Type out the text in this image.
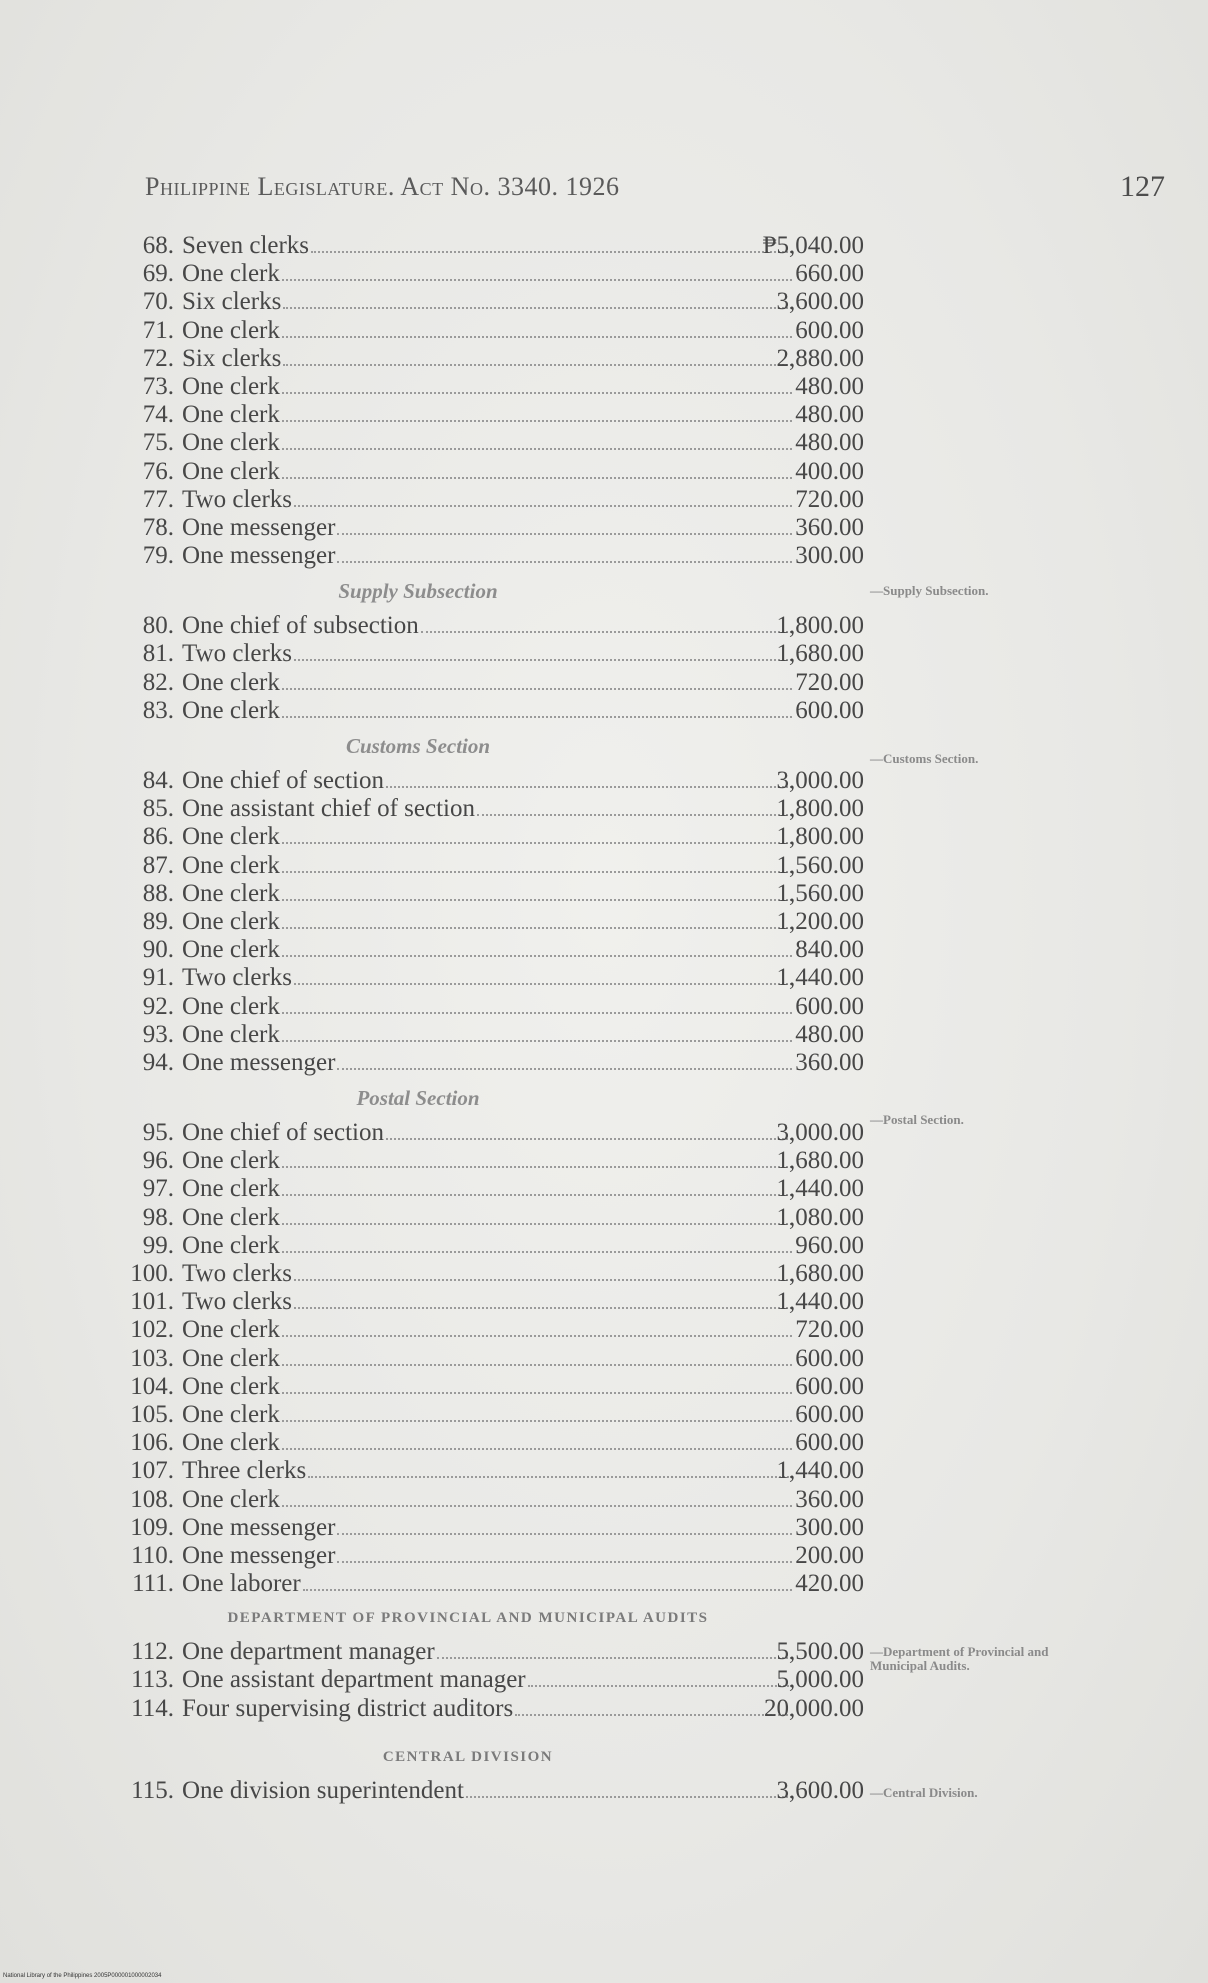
Philippine Legislature. Act No. 3340. 1926	127
68. Seven clerks	₱5,040.00
69. One clerk	660.00
70. Six clerks	3,600.00
71. One clerk	600.00
72. Six clerks	2,880.00
73. One clerk	480.00
74. One clerk	480.00
75. One clerk	480.00
76. One clerk	400.00
77. Two clerks	720.00
78. One messenger	360.00
79. One messenger	300.00
Supply Subsection
80. One chief of subsection	1,800.00
81. Two clerks	1,680.00
82. One clerk	720.00
83. One clerk	600.00
Customs Section
84. One chief of section	3,000.00
85. One assistant chief of section	1,800.00
86. One clerk	1,800.00
87. One clerk	1,560.00
88. One clerk	1,560.00
89. One clerk	1,200.00
90. One clerk	840.00
91. Two clerks	1,440.00
92. One clerk	600.00
93. One clerk	480.00
94. One messenger	360.00
Postal Section
95. One chief of section	3,000.00
96. One clerk	1,680.00
97. One clerk	1,440.00
98. One clerk	1,080.00
99. One clerk	960.00
100. Two clerks	1,680.00
101. Two clerks	1,440.00
102. One clerk	720.00
103. One clerk	600.00
104. One clerk	600.00
105. One clerk	600.00
106. One clerk	600.00
107. Three clerks	1,440.00
108. One clerk	360.00
109. One messenger	300.00
110. One messenger	200.00
111. One laborer	420.00
DEPARTMENT OF PROVINCIAL AND MUNICIPAL AUDITS
112. One department manager	5,500.00
113. One assistant department manager	5,000.00
114. Four supervising district auditors	20,000.00
CENTRAL DIVISION
115. One division superintendent	3,600.00
—Supply Subsection.
—Customs Section.
—Postal Section.
—Department of Provincial and Municipal Audits.
—Central Division.
National Library of the Philippines 2005P000001000002034
